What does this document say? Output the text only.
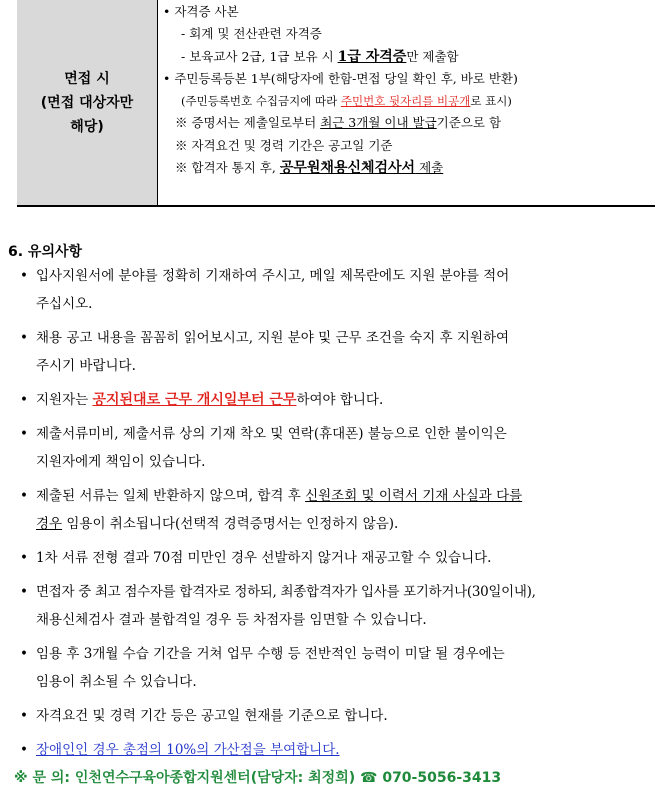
면접 시
(면접 대상자만
해당)

• 자격증 사본
- 회계 및 전산관련 자격증
- 보육교사 2급, 1급 보유 시 1급 자격증만 제출함
• 주민등록등본 1부(해당자에 한함-면접 당일 확인 후, 바로 반환)
(주민등록번호 수집금지에 따라 주민번호 뒷자리를 비공개로 표시)
※ 증명서는 제출일로부터 최근 3개월 이내 발급기준으로 함
※ 자격요건 및 경력 기간은 공고일 기준
※ 합격자 통지 후, 공무원채용신체검사서 제출
6. 유의사항
• 입사지원서에 분야를 정확히 기재하여 주시고, 메일 제목란에도 지원 분야를 적어
주십시오.
• 채용 공고 내용을 꼼꼼히 읽어보시고, 지원 분야 및 근무 조건을 숙지 후 지원하여
주시기 바랍니다.
• 지원자는 공지된대로 근무 개시일부터 근무하여야 합니다.
• 제출서류미비, 제출서류 상의 기재 착오 및 연락(휴대폰) 불능으로 인한 불이익은
지원자에게 책임이 있습니다.
• 제출된 서류는 일체 반환하지 않으며, 합격 후 신원조회 및 이력서 기재 사실과 다를
경우 임용이 취소됩니다(선택적 경력증명서는 인정하지 않음).
• 1차 서류 전형 결과 70점 미만인 경우 선발하지 않거나 재공고할 수 있습니다.
• 면접자 중 최고 점수자를 합격자로 정하되, 최종합격자가 입사를 포기하거나(30일이내),
채용신체검사 결과 불합격일 경우 등 차점자를 임면할 수 있습니다.
• 임용 후 3개월 수습 기간을 거쳐 업무 수행 등 전반적인 능력이 미달 될 경우에는
임용이 취소될 수 있습니다.
• 자격요건 및 경력 기간 등은 공고일 현재를 기준으로 합니다.
• 장애인인 경우 총점의 10%의 가산점을 부여합니다.
※ 문 의: 인천연수구육아종합지원센터(담당자: 최정희) ☎ 070-5056-3413
